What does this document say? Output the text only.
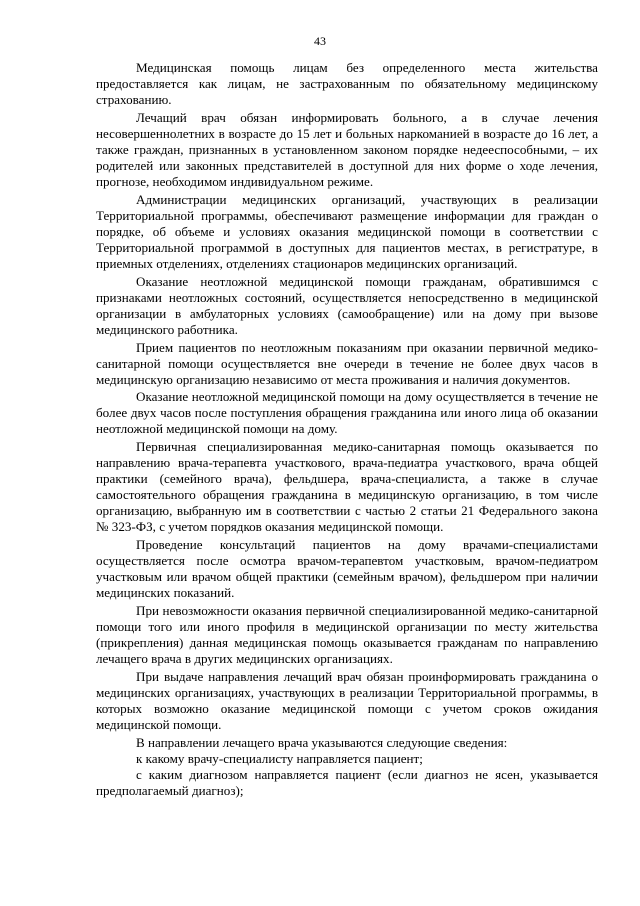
43

Медицинская помощь лицам без определенного места жительства предоставляется как лицам, не застрахованным по обязательному медицинскому страхованию.

Лечащий врач обязан информировать больного, а в случае лечения несовершеннолетних в возрасте до 15 лет и больных наркоманией в возрасте до 16 лет, а также граждан, признанных в установленном законом порядке недееспособными, – их родителей или законных представителей в доступной для них форме о ходе лечения, прогнозе, необходимом индивидуальном режиме.

Администрации медицинских организаций, участвующих в реализации Территориальной программы, обеспечивают размещение информации для граждан о порядке, об объеме и условиях оказания медицинской помощи в соответствии с Территориальной программой в доступных для пациентов местах, в регистратуре, в приемных отделениях, отделениях стационаров медицинских организаций.

Оказание неотложной медицинской помощи гражданам, обратившимся с признаками неотложных состояний, осуществляется непосредственно в медицинской организации в амбулаторных условиях (самообращение) или на дому при вызове медицинского работника.

Прием пациентов по неотложным показаниям при оказании первичной медико-санитарной помощи осуществляется вне очереди в течение не более двух часов в медицинскую организацию независимо от места проживания и наличия документов.

Оказание неотложной медицинской помощи на дому осуществляется в течение не более двух часов после поступления обращения гражданина или иного лица об оказании неотложной медицинской помощи на дому.

Первичная специализированная медико-санитарная помощь оказывается по направлению врача-терапевта участкового, врача-педиатра участкового, врача общей практики (семейного врача), фельдшера, врача-специалиста, а также в случае самостоятельного обращения гражданина в медицинскую организацию, в том числе организацию, выбранную им в соответствии с частью 2 статьи 21 Федерального закона № 323-ФЗ, с учетом порядков оказания медицинской помощи.

Проведение консультаций пациентов на дому врачами-специалистами осуществляется после осмотра врачом-терапевтом участковым, врачом-педиатром участковым или врачом общей практики (семейным врачом), фельдшером при наличии медицинских показаний.

При невозможности оказания первичной специализированной медико-санитарной помощи того или иного профиля в медицинской организации по месту жительства (прикрепления) данная медицинская помощь оказывается гражданам по направлению лечащего врача в других медицинских организациях.

При выдаче направления лечащий врач обязан проинформировать гражданина о медицинских организациях, участвующих в реализации Территориальной программы, в которых возможно оказание медицинской помощи с учетом сроков ожидания медицинской помощи.

В направлении лечащего врача указываются следующие сведения:

к какому врачу-специалисту направляется пациент;

с каким диагнозом направляется пациент (если диагноз не ясен, указывается предполагаемый диагноз);
